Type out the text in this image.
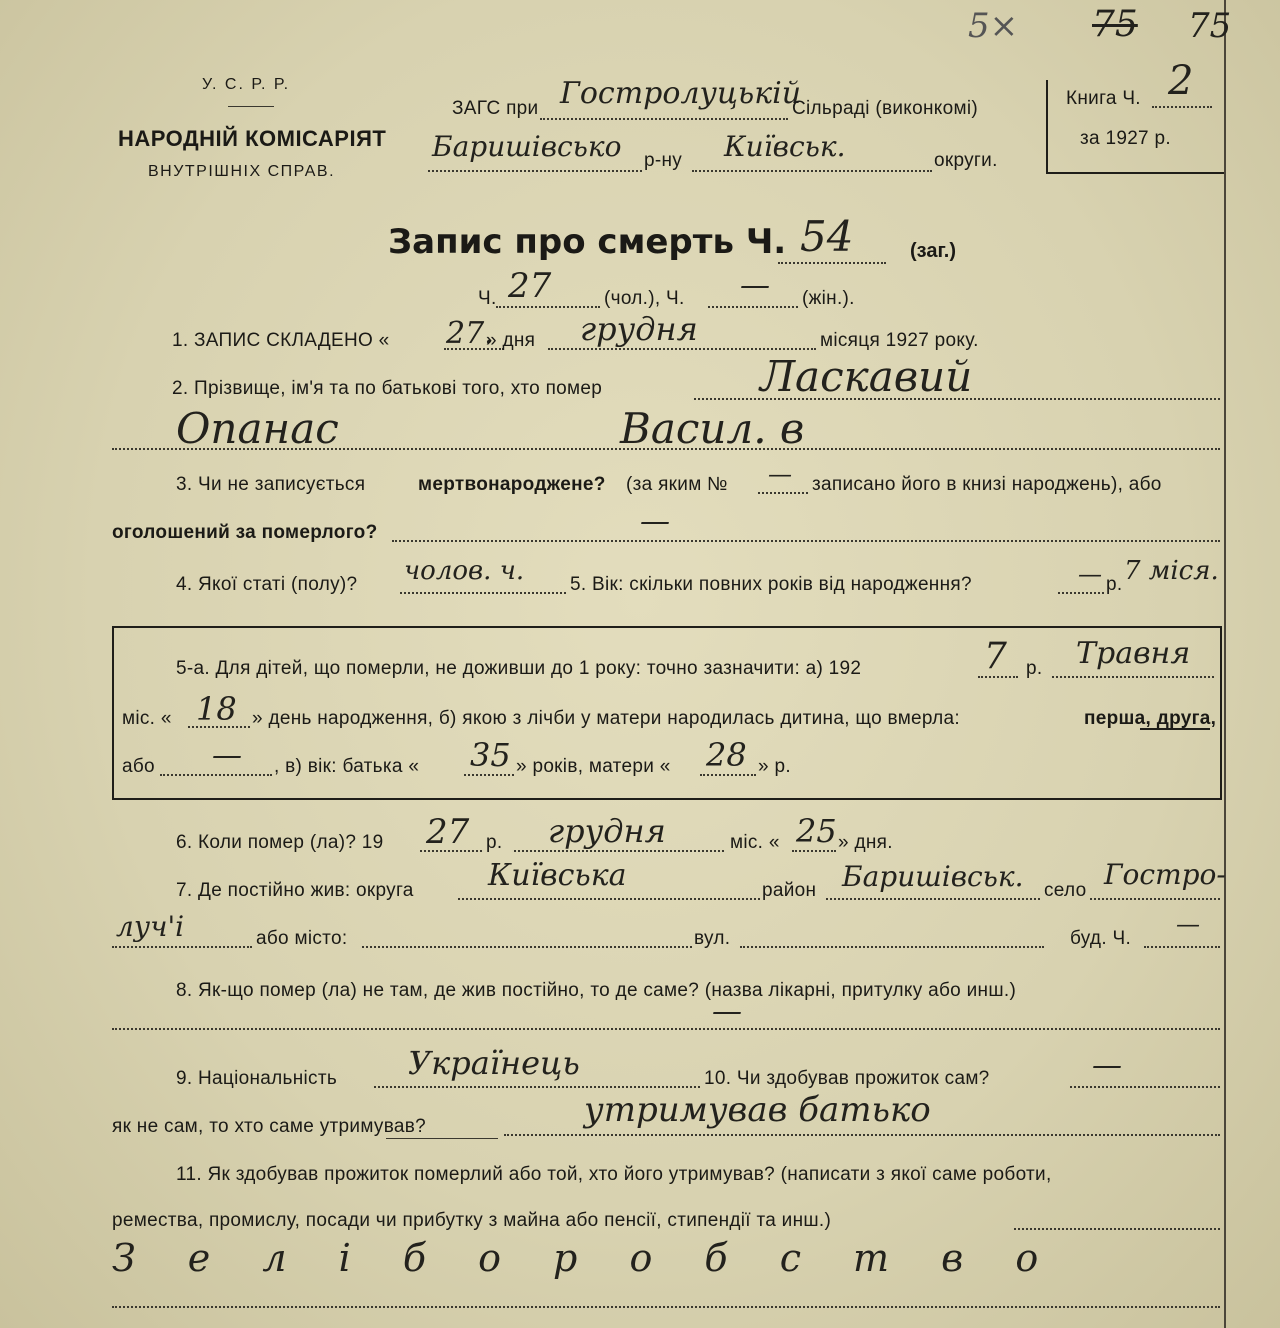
5× 75 75
У. С. Р. Р.
НАРОДНІЙ КОМІСАРІЯТ
ВНУТРІШНІХ СПРАВ.
ЗАГС при Гостролуцькій
Сільраді (виконкомі)
Баришівсько р-ну Київськ.	округи.
Книга Ч. 2
за 1927 р.
Запис про смерть Ч. 54	(заг.)
Ч. 27	(чол.), Ч. — (жін.).
1. ЗАПИС СКЛАДЕНО « 27.
» дня грудня	місяця 1927 року.
2. Прізвище, ім'я та по батькові того, хто помер	Ласкавий
Опанас	Васил. в
3. Чи не записується	мертвонароджене? (за яким № — записано його в книзі народжень), або
оголошений за померлого?	—
4. Якої статі (полу)? чолов. ч. 5. Вік: скільки повних років від народження?	— р. 7 міся.
5-а. Для дітей, що померли, не доживши до 1 року: точно зазначити: а) 192	7 р. Травня
міс. « 18 » день народження, б) якою з лічби у матери народилась дитина, що вмерла:	перша, друга,
або — , в) вік: батька « 35 » років, матери « 28 » р.
6. Коли помер (ла)? 19 27 р. грудня	міс. « 25 » дня.
7. Де постійно жив: округа Київська	район Баришівськ. село Гостро-
луч'і	або місто:	вул.	буд. Ч.
—
8. Як-що помер (ла) не там, де жив постійно, то де саме? (назва лікарні, притулку або инш.)
—
9. Національність Українець	10. Чи здобував прожиток сам?	—
як не сам, то хто саме утримував?	утримував батько
11. Як здобував прожиток померлий або той, хто його утримував? (написати з якої саме роботи,
ремества, промислу, посади чи прибутку з майна або пенсії, стипендії та инш.)
З е л і б о р о б с т в о
